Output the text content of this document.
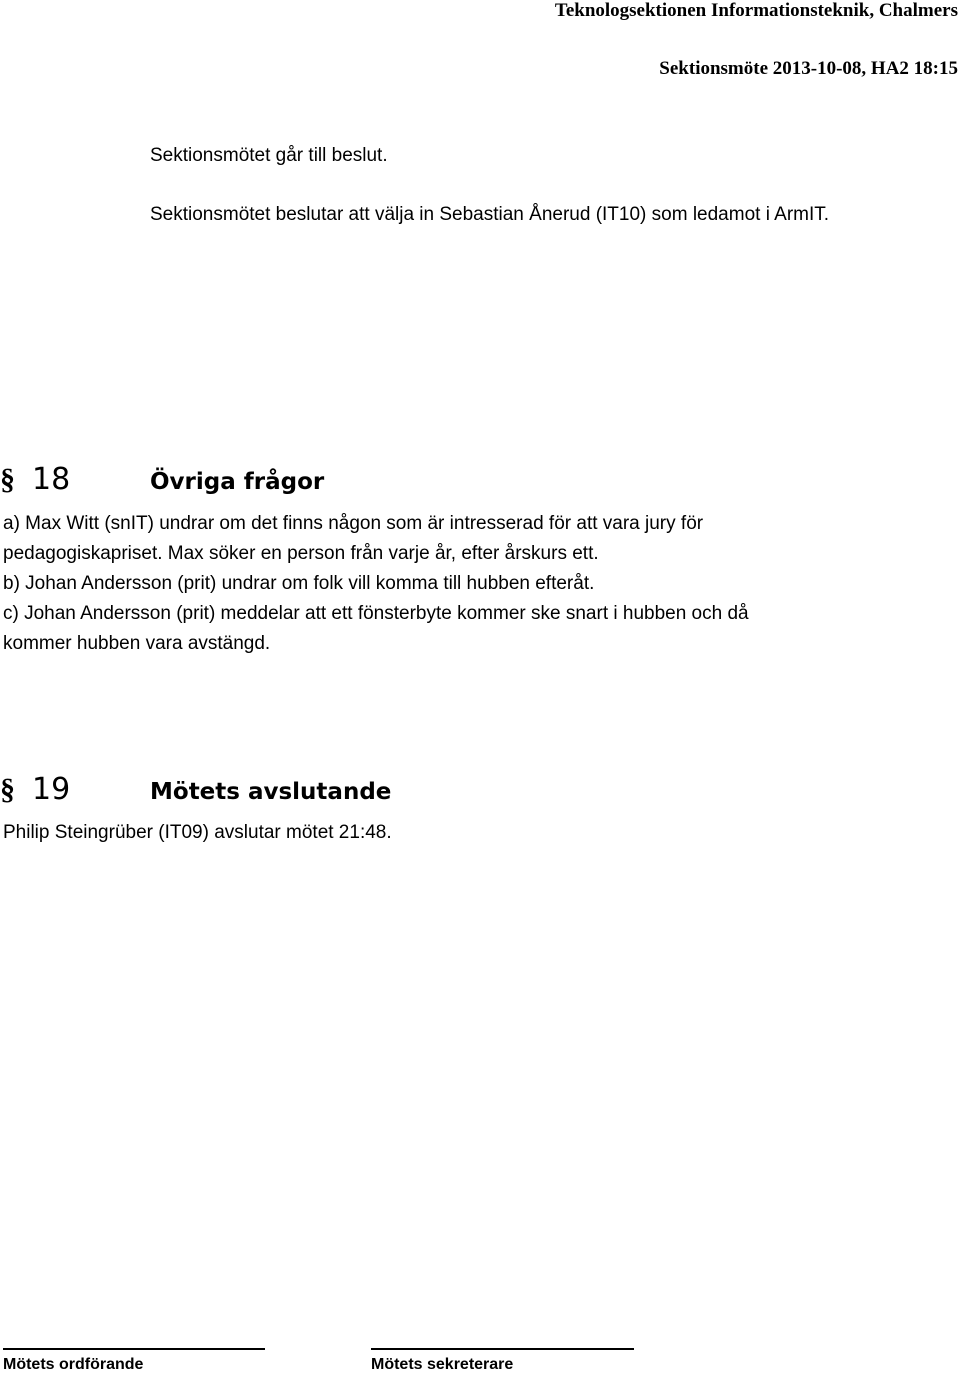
Teknologsektionen Informationsteknik, Chalmers
Sektionsmöte 2013-10-08, HA2 18:15
Sektionsmötet går till beslut.
Sektionsmötet beslutar att välja in Sebastian Ånerud (IT10) som ledamot i ArmIT.
§ 18	Övriga frågor
a) Max Witt (snIT) undrar om det finns någon som är intresserad för att vara jury för
pedagogiskapriset. Max söker en person från varje år, efter årskurs ett.
b) Johan Andersson (prit) undrar om folk vill komma till hubben efteråt.
c) Johan Andersson (prit) meddelar att ett fönsterbyte kommer ske snart i hubben och då
kommer hubben vara avstängd.
§ 19	Mötets avslutande
Philip Steingrüber (IT09) avslutar mötet 21:48.
Mötets ordförande	Mötets sekreterare
